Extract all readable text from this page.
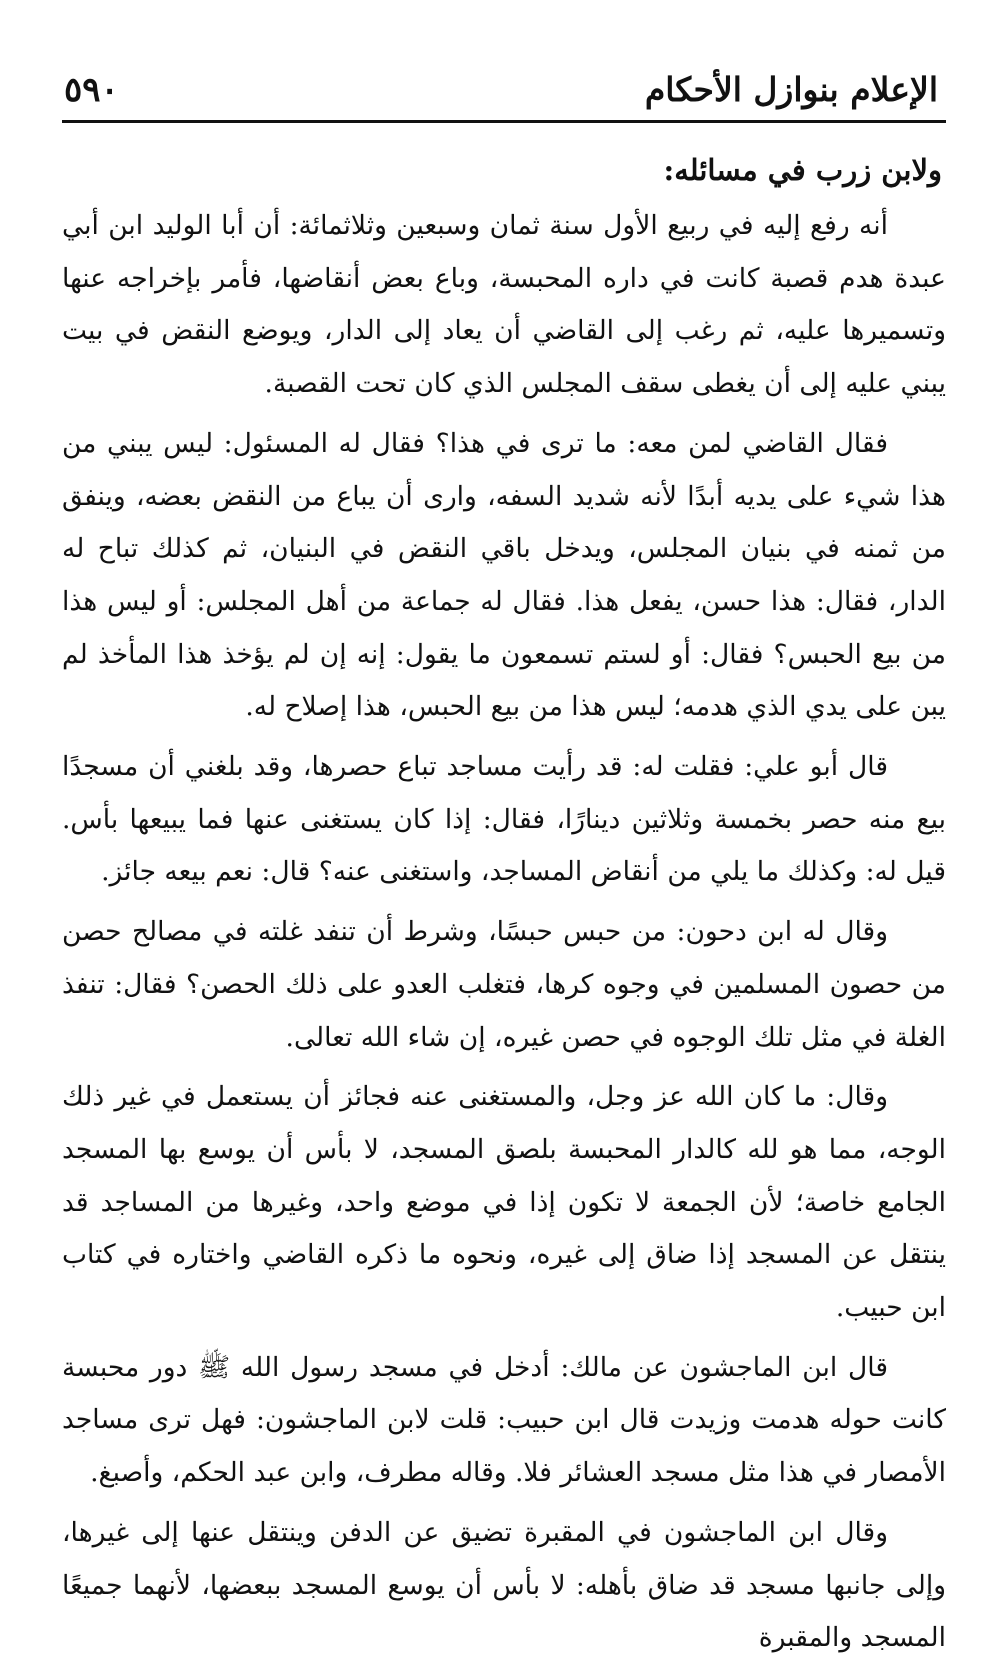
الإعلام بنوازل الأحكام
٥٩٠
ولابن زرب في مسائله:

أنه رفع إليه في ربيع الأول سنة ثمان وسبعين وثلاثمائة: أن أبا الوليد ابن أبي عبدة هدم قصبة كانت في داره المحبسة، وباع بعض أنقاضها، فأمر بإخراجه عنها وتسميرها عليه، ثم رغب إلى القاضي أن يعاد إلى الدار، ويوضع النقض في بيت يبني عليه إلى أن يغطى سقف المجلس الذي كان تحت القصبة.

فقال القاضي لمن معه: ما ترى في هذا؟ فقال له المسئول: ليس يبني من هذا شيء على يديه أبدًا لأنه شديد السفه، وارى أن يباع من النقض بعضه، وينفق من ثمنه في بنيان المجلس، ويدخل باقي النقض في البنيان، ثم كذلك تباح له الدار، فقال: هذا حسن، يفعل هذا. فقال له جماعة من أهل المجلس: أو ليس هذا من بيع الحبس؟ فقال: أو لستم تسمعون ما يقول: إنه إن لم يؤخذ هذا المأخذ لم يبن على يدي الذي هدمه؛ ليس هذا من بيع الحبس، هذا إصلاح له.

قال أبو علي: فقلت له: قد رأيت مساجد تباع حصرها، وقد بلغني أن مسجدًا بيع منه حصر بخمسة وثلاثين دينارًا، فقال: إذا كان يستغنى عنها فما يبيعها بأس. قيل له: وكذلك ما يلي من أنقاض المساجد، واستغنى عنه؟ قال: نعم بيعه جائز.

وقال له ابن دحون: من حبس حبسًا، وشرط أن تنفد غلته في مصالح حصن من حصون المسلمين في وجوه كرها، فتغلب العدو على ذلك الحصن؟ فقال: تنفذ الغلة في مثل تلك الوجوه في حصن غيره، إن شاء الله تعالى.

وقال: ما كان الله عز وجل، والمستغنى عنه فجائز أن يستعمل في غير ذلك الوجه، مما هو لله كالدار المحبسة بلصق المسجد، لا بأس أن يوسع بها المسجد الجامع خاصة؛ لأن الجمعة لا تكون إذا في موضع واحد، وغيرها من المساجد قد ينتقل عن المسجد إذا ضاق إلى غيره، ونحوه ما ذكره القاضي واختاره في كتاب ابن حبيب.

قال ابن الماجشون عن مالك: أدخل في مسجد رسول الله ﷺ دور محبسة كانت حوله هدمت وزيدت قال ابن حبيب: قلت لابن الماجشون: فهل ترى مساجد الأمصار في هذا مثل مسجد العشائر فلا. وقاله مطرف، وابن عبد الحكم، وأصبغ.

وقال ابن الماجشون في المقبرة تضيق عن الدفن وينتقل عنها إلى غيرها، وإلى جانبها مسجد قد ضاق بأهله: لا بأس أن يوسع المسجد ببعضها، لأنهما جميعًا المسجد والمقبرة
